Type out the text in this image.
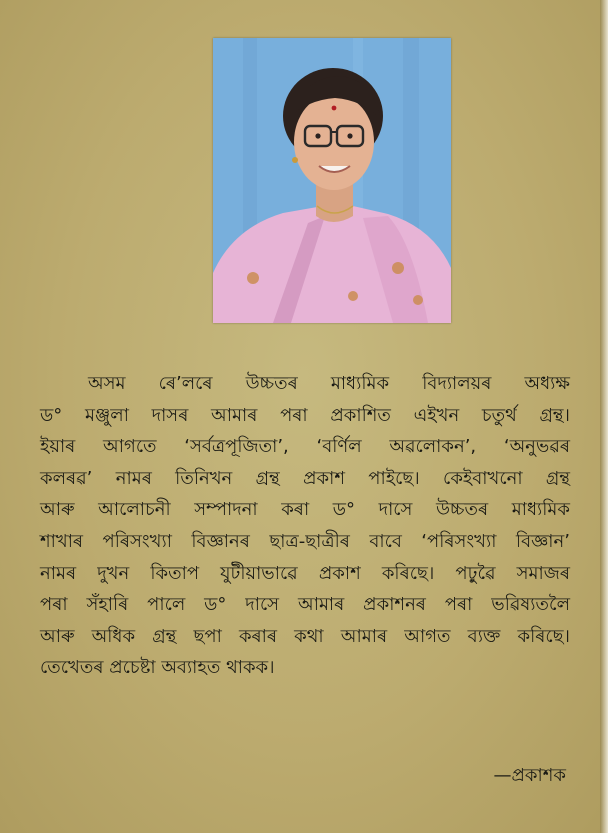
অসম ৰে’লৰে উচ্চতৰ মাধ্যমিক বিদ্যালয়ৰ অধ্যক্ষ
ড° মঞ্জুলা দাসৰ আমাৰ পৰা প্ৰকাশিত এইখন চতুৰ্থ গ্ৰন্থ।
ইয়াৰ আগতে ‘সৰ্বত্ৰপূজিতা’, ‘বৰ্ণিল অৱলোকন’, ‘অনুভৱৰ
কলৰৱ’ নামৰ তিনিখন গ্ৰন্থ প্ৰকাশ পাইছে। কেইবাখনো গ্ৰন্থ
আৰু আলোচনী সম্পাদনা কৰা ড° দাসে উচ্চতৰ মাধ্যমিক
শাখাৰ পৰিসংখ্যা বিজ্ঞানৰ ছাত্ৰ-ছাত্ৰীৰ বাবে ‘পৰিসংখ্যা বিজ্ঞান’
নামৰ দুখন কিতাপ যুটীয়াভাৱে প্ৰকাশ কৰিছে। পঢ়ুৱৈ সমাজৰ
পৰা সঁহাৰি পালে ড° দাসে আমাৰ প্ৰকাশনৰ পৰা ভৱিষ্যতলৈ
আৰু অধিক গ্ৰন্থ ছপা কৰাৰ কথা আমাৰ আগত ব্যক্ত কৰিছে।
তেখেতৰ প্ৰচেষ্টা অব্যাহত থাকক।
—প্ৰকাশক
